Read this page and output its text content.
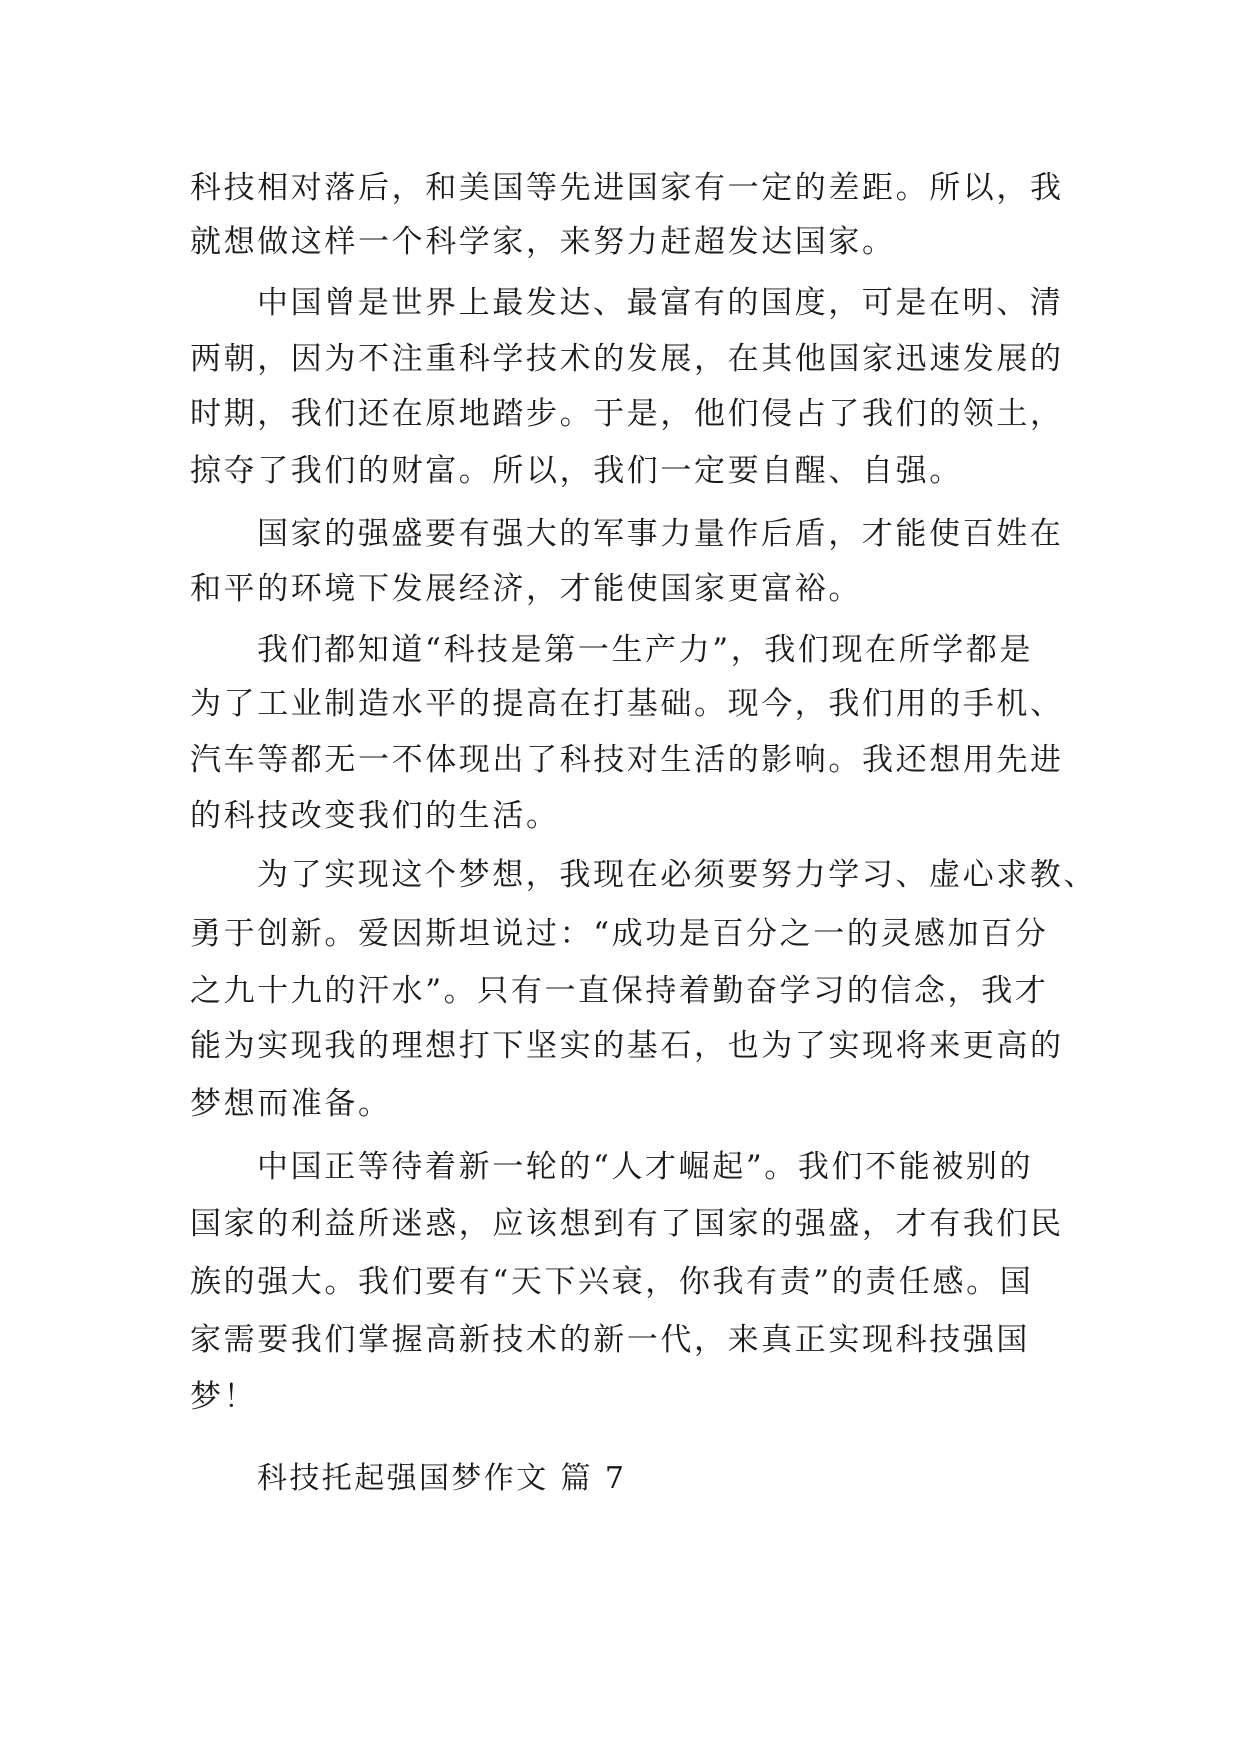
科技相对落后，和美国等先进国家有一定的差距。所以，我
就想做这样一个科学家，来努力赶超发达国家。
中国曾是世界上最发达、最富有的国度，可是在明、清
两朝，因为不注重科学技术的发展，在其他国家迅速发展的
时期，我们还在原地踏步。于是，他们侵占了我们的领土，
掠夺了我们的财富。所以，我们一定要自醒、自强。
国家的强盛要有强大的军事力量作后盾，才能使百姓在
和平的环境下发展经济，才能使国家更富裕。
我们都知道“科技是第一生产力”，我们现在所学都是
为了工业制造水平的提高在打基础。现今，我们用的手机、
汽车等都无一不体现出了科技对生活的影响。我还想用先进
的科技改变我们的生活。
为了实现这个梦想，我现在必须要努力学习、虚心求教、
勇于创新。爱因斯坦说过：“成功是百分之一的灵感加百分
之九十九的汗水”。只有一直保持着勤奋学习的信念，我才
能为实现我的理想打下坚实的基石，也为了实现将来更高的
梦想而准备。
中国正等待着新一轮的“人才崛起”。我们不能被别的
国家的利益所迷惑，应该想到有了国家的强盛，才有我们民
族的强大。我们要有“天下兴衰，你我有责”的责任感。国
家需要我们掌握高新技术的新一代，来真正实现科技强国
梦！
科技托起强国梦作文 篇 7
